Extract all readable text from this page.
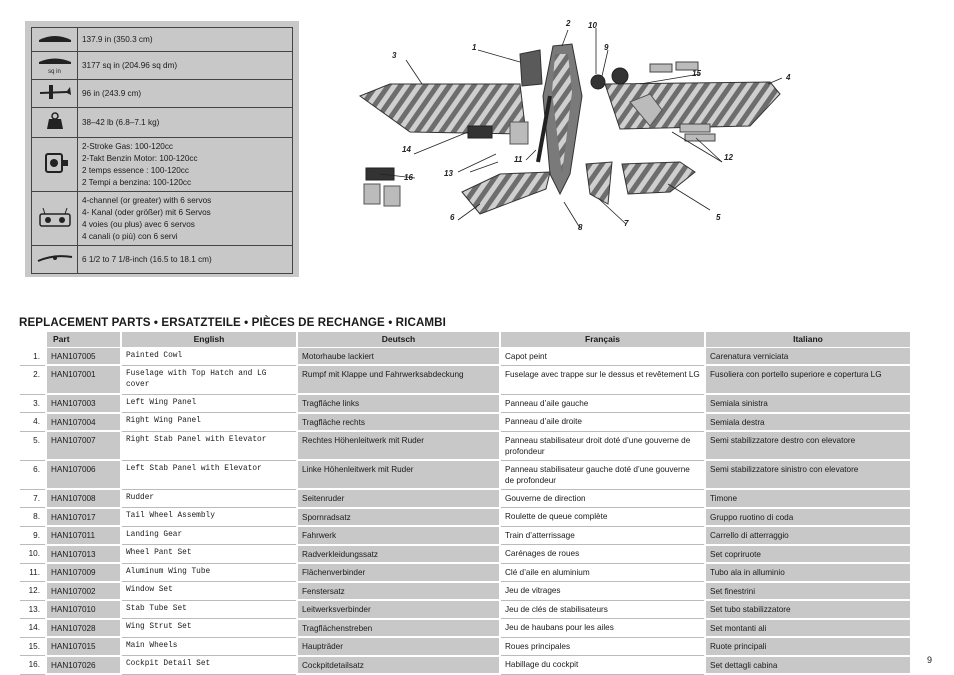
137.9 in (350.3 cm)

sq in	3177 sq in (204.96 sq dm)

96 in (243.9 cm)

38–42 lb (6.8–7.1 kg)

2-Stroke Gas: 100-120cc
2-Takt Benzin Motor: 100-120cc
2 temps essence : 100-120cc
2 Tempi a benzina: 100-120cc

4-channel (or greater) with 6 servos
4- Kanal (oder größer) mit 6 Servos
4 voies (ou plus) avec 6 servos
4 canali (o più) con 6 servi

6 1/2 to 7 1/8-inch (16.5 to 18.1 cm)
1
2
3
4
5
6
7
8
9
10
11	12
13
14
15
16
REPLACEMENT PARTS • ERSATZTEILE • PIÈCES DE RECHANGE • RICAMBI
	Part	English	Deutsch	Français	Italiano
1.	HAN107005	Painted Cowl	Motorhaube lackiert	Capot peint	Carenatura verniciata
2.	HAN107001	Fuselage with Top Hatch and LG cover	Rumpf mit Klappe und Fahrwerksabdeckung	Fuselage avec trappe sur le dessus et revêtement LG	Fusoliera con portello superiore e copertura LG
3.	HAN107003	Left Wing Panel	Tragfläche links	Panneau d’aile gauche	Semiala sinistra
4.	HAN107004	Right Wing Panel	Tragfläche rechts	Panneau d’aile droite	Semiala destra
5.	HAN107007	Right Stab Panel with Elevator	Rechtes Höhenleitwerk mit Ruder	Panneau stabilisateur droit doté d’une gouverne de profondeur	Semi stabilizzatore destro con elevatore
6.	HAN107006	Left Stab Panel with Elevator	Linke Höhenleitwerk mit Ruder	Panneau stabilisateur gauche doté d’une gouverne de profondeur	Semi stabilizzatore sinistro con elevatore
7.	HAN107008	Rudder	Seitenruder	Gouverne de direction	Timone
8.	HAN107017	Tail Wheel Assembly	Spornradsatz	Roulette de queue complète	Gruppo ruotino di coda
9.	HAN107011	Landing Gear	Fahrwerk	Train d’atterrissage	Carrello di atterraggio
10.	HAN107013	Wheel Pant Set	Radverkleidungssatz	Carénages de roues	Set copriruote
11.	HAN107009	Aluminum Wing Tube	Flächenverbinder	Clé d’aile en aluminium	Tubo ala in alluminio
12.	HAN107002	Window Set	Fenstersatz	Jeu de vitrages	Set finestrini
13.	HAN107010	Stab Tube Set	Leitwerksverbinder	Jeu de clés de stabilisateurs	Set tubo stabilizzatore
14.	HAN107028	Wing Strut Set	Tragflächenstreben	Jeu de haubans pour les ailes	Set montanti ali
15.	HAN107015	Main Wheels	Haupträder	Roues principales	Ruote principali
16.	HAN107026	Cockpit Detail Set	Cockpitdetailsatz	Habillage du cockpit	Set dettagli cabina	9
